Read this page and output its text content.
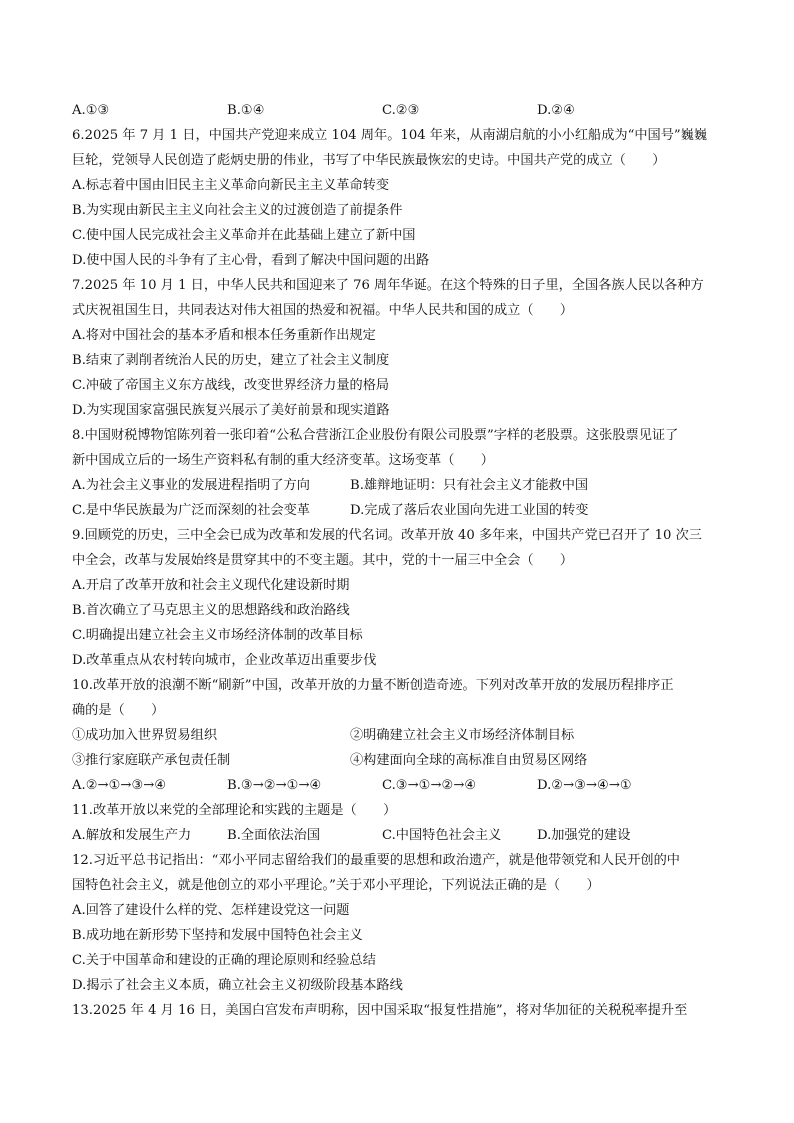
A.①③	B.①④	C.②③	D.②④
6.2025 年 7 月 1 日，中国共产党迎来成立 104 周年。104 年来，从南湖启航的小小红船成为“中国号”巍巍
巨轮，党领导人民创造了彪炳史册的伟业，书写了中华民族最恢宏的史诗。中国共产党的成立（　　）
A.标志着中国由旧民主主义革命向新民主主义革命转变
B.为实现由新民主主义向社会主义的过渡创造了前提条件
C.使中国人民完成社会主义革命并在此基础上建立了新中国
D.使中国人民的斗争有了主心骨，看到了解决中国问题的出路
7.2025 年 10 月 1 日，中华人民共和国迎来了 76 周年华诞。在这个特殊的日子里，全国各族人民以各种方
式庆祝祖国生日，共同表达对伟大祖国的热爱和祝福。中华人民共和国的成立（　　）
A.将对中国社会的基本矛盾和根本任务重新作出规定
B.结束了剥削者统治人民的历史，建立了社会主义制度
C.冲破了帝国主义东方战线，改变世界经济力量的格局
D.为实现国家富强民族复兴展示了美好前景和现实道路
8.中国财税博物馆陈列着一张印着“公私合营浙江企业股份有限公司股票”字样的老股票。这张股票见证了
新中国成立后的一场生产资料私有制的重大经济变革。这场变革（　　）
A.为社会主义事业的发展进程指明了方向	B.雄辩地证明：只有社会主义才能救中国
C.是中华民族最为广泛而深刻的社会变革	D.完成了落后农业国向先进工业国的转变
9.回顾党的历史，三中全会已成为改革和发展的代名词。改革开放 40 多年来，中国共产党已召开了 10 次三
中全会，改革与发展始终是贯穿其中的不变主题。其中，党的十一届三中全会（　　）
A.开启了改革开放和社会主义现代化建设新时期
B.首次确立了马克思主义的思想路线和政治路线
C.明确提出建立社会主义市场经济体制的改革目标
D.改革重点从农村转向城市，企业改革迈出重要步伐
10.改革开放的浪潮不断“刷新”中国，改革开放的力量不断创造奇迹。下列对改革开放的发展历程排序正
确的是（　　）
①成功加入世界贸易组织	②明确建立社会主义市场经济体制目标
③推行家庭联产承包责任制	④构建面向全球的高标准自由贸易区网络
A.②→①→③→④	B.③→②→①→④	C.③→①→②→④	D.②→③→④→①
11.改革开放以来党的全部理论和实践的主题是（　　）
A.解放和发展生产力	B.全面依法治国	C.中国特色社会主义	D.加强党的建设
12.习近平总书记指出：“邓小平同志留给我们的最重要的思想和政治遗产，就是他带领党和人民开创的中
国特色社会主义，就是他创立的邓小平理论。”关于邓小平理论，下列说法正确的是（　　）
A.回答了建设什么样的党、怎样建设党这一问题
B.成功地在新形势下坚持和发展中国特色社会主义
C.关于中国革命和建设的正确的理论原则和经验总结
D.揭示了社会主义本质，确立社会主义初级阶段基本路线
13.2025 年 4 月 16 日，美国白宫发布声明称，因中国采取“报复性措施”，将对华加征的关税税率提升至
